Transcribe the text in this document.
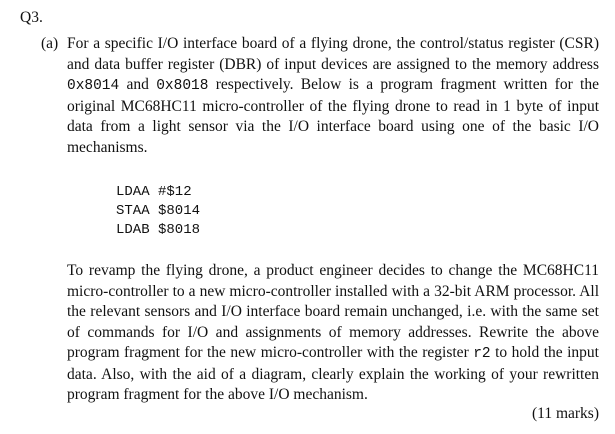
Q3.
(a) For a specific I/O interface board of a flying drone, the control/status register (CSR) and data buffer register (DBR) of input devices are assigned to the memory address 0x8014 and 0x8018 respectively. Below is a program fragment written for the original MC68HC11 micro-controller of the flying drone to read in 1 byte of input data from a light sensor via the I/O interface board using one of the basic I/O mechanisms.

LDAA #$12
STAA $8014
LDAB $8018

To revamp the flying drone, a product engineer decides to change the MC68HC11 micro-controller to a new micro-controller installed with a 32-bit ARM processor. All the relevant sensors and I/O interface board remain unchanged, i.e. with the same set of commands for I/O and assignments of memory addresses. Rewrite the above program fragment for the new micro-controller with the register r2 to hold the input data. Also, with the aid of a diagram, clearly explain the working of your rewritten program fragment for the above I/O mechanism.

(11 marks)
